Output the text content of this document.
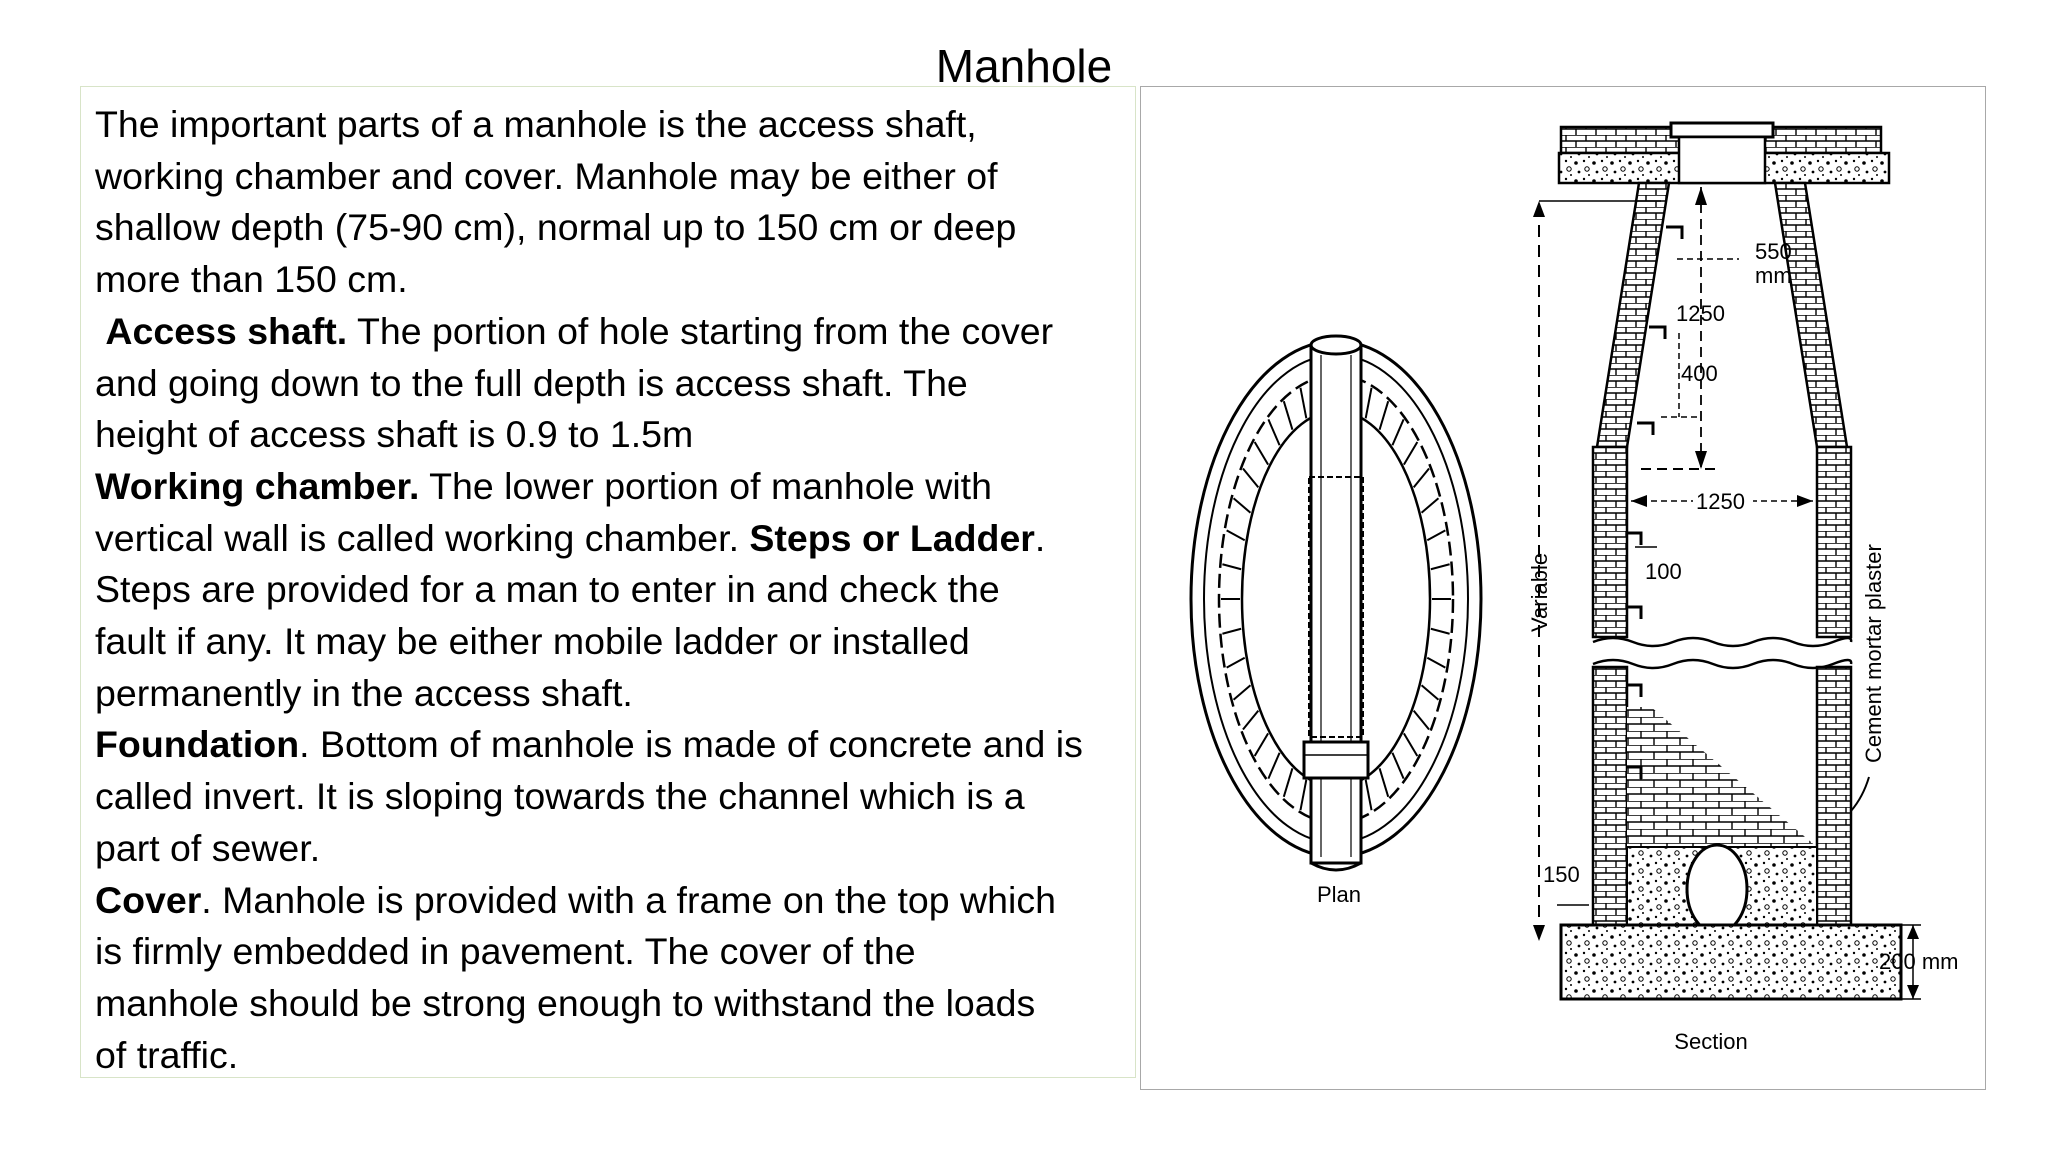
Manhole

The important parts of a manhole is the access shaft,

working chamber and cover. Manhole may be either of

shallow depth (75-90 cm), normal up to 150 cm or deep

more than 150 cm.

Access shaft. The portion of hole starting from the cover

and going down to the full depth is access shaft. The

height of access shaft is 0.9 to 1.5m

Working chamber. The lower portion of manhole with

vertical wall is called working chamber. Steps or Ladder.

Steps are provided for a man to enter in and check the

fault if any. It may be either mobile ladder or installed

permanently in the access shaft.

Foundation. Bottom of manhole is made of concrete and is

called invert. It is sloping towards the channel which is a

part of sewer.

Cover. Manhole is provided with a frame on the top which

is firmly embedded in pavement. The cover of the

manhole should be strong enough to withstand the loads

of traffic.

Plan
Variable
550
mm
1250
400
1250
100
150
200 mm
Cement mortar plaster
Section
